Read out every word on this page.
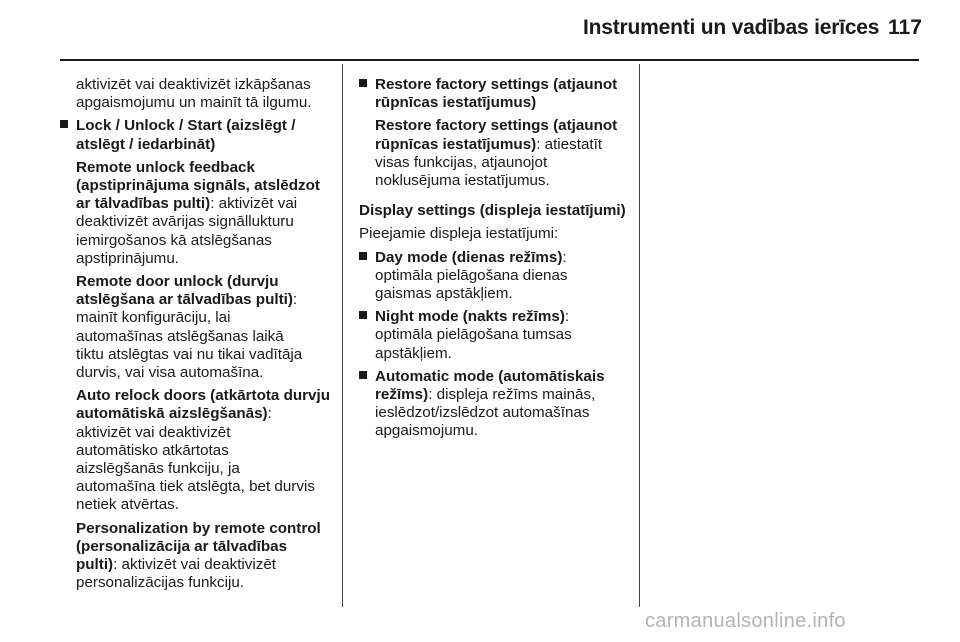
Instrumenti un vadības ierīces 117
aktivizēt vai deaktivizēt izkāpšanas
apgaismojumu un mainīt tā ilgumu.
Lock / Unlock / Start (aizslēgt /
atslēgt / iedarbināt)
Remote unlock feedback
(apstiprinājuma signāls, atslēdzot
ar tālvadības pulti): aktivizēt vai
deaktivizēt avārijas signāllukturu
iemirgošanos kā atslēgšanas
apstiprinājumu.
Remote door unlock (durvju
atslēgšana ar tālvadības pulti):
mainīt konfigurāciju, lai
automašīnas atslēgšanas laikā
tiktu atslēgtas vai nu tikai vadītāja
durvis, vai visa automašīna.
Auto relock doors (atkārtota durvju
automātiskā aizslēgšanās):
aktivizēt vai deaktivizēt
automātisko atkārtotas
aizslēgšanās funkciju, ja
automašīna tiek atslēgta, bet durvis
netiek atvērtas.
Personalization by remote control
(personalizācija ar tālvadības
pulti): aktivizēt vai deaktivizēt
personalizācijas funkciju.
Restore factory settings (atjaunot
rūpnīcas iestatījumus)
Restore factory settings (atjaunot
rūpnīcas iestatījumus): atiestatīt
visas funkcijas, atjaunojot
noklusējuma iestatījumus.
Display settings (displeja iestatījumi)
Pieejamie displeja iestatījumi:
Day mode (dienas režīms):
optimāla pielāgošana dienas
gaismas apstākļiem.
Night mode (nakts režīms):
optimāla pielāgošana tumsas
apstākļiem.
Automatic mode (automātiskais
režīms): displeja režīms mainās,
ieslēdzot/izslēdzot automašīnas
apgaismojumu.
carmanualsonline.info
